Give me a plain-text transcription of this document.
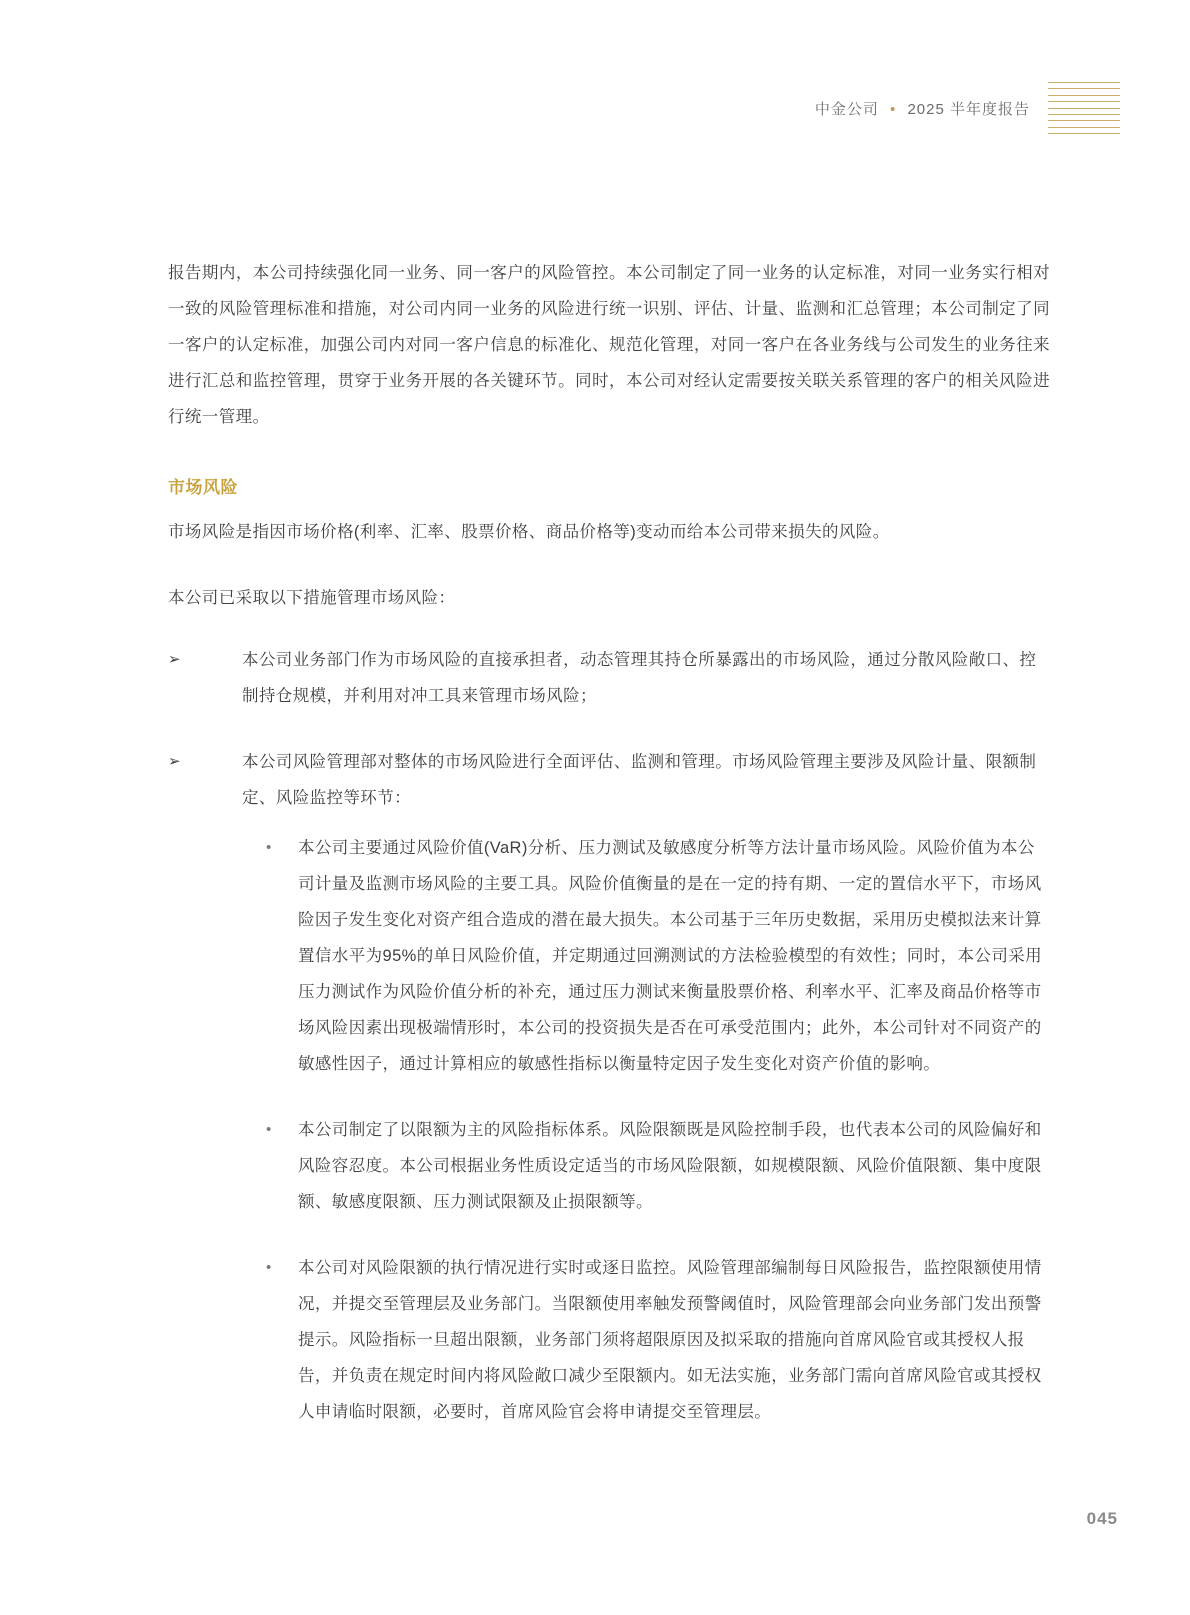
中金公司 • 2025 半年度报告

报告期内，本公司持续强化同一业务、同一客户的风险管控。本公司制定了同一业务的认定标准，对同一业务实行相对一致的风险管理标准和措施，对公司内同一业务的风险进行统一识别、评估、计量、监测和汇总管理；本公司制定了同一客户的认定标准，加强公司内对同一客户信息的标准化、规范化管理，对同一客户在各业务线与公司发生的业务往来进行汇总和监控管理，贯穿于业务开展的各关键环节。同时，本公司对经认定需要按关联关系管理的客户的相关风险进行统一管理。

市场风险

市场风险是指因市场价格(利率、汇率、股票价格、商品价格等)变动而给本公司带来损失的风险。

本公司已采取以下措施管理市场风险：

➢	本公司业务部门作为市场风险的直接承担者，动态管理其持仓所暴露出的市场风险，通过分散风险敞口、控制持仓规模，并利用对冲工具来管理市场风险；
➢	本公司风险管理部对整体的市场风险进行全面评估、监测和管理。市场风险管理主要涉及风险计量、限额制定、风险监控等环节：
• 本公司主要通过风险价值(VaR)分析、压力测试及敏感度分析等方法计量市场风险。风险价值为本公司计量及监测市场风险的主要工具。风险价值衡量的是在一定的持有期、一定的置信水平下，市场风险因子发生变化对资产组合造成的潜在最大损失。本公司基于三年历史数据，采用历史模拟法来计算置信水平为95%的单日风险价值，并定期通过回溯测试的方法检验模型的有效性；同时，本公司采用压力测试作为风险价值分析的补充，通过压力测试来衡量股票价格、利率水平、汇率及商品价格等市场风险因素出现极端情形时，本公司的投资损失是否在可承受范围内；此外，本公司针对不同资产的敏感性因子，通过计算相应的敏感性指标以衡量特定因子发生变化对资产价值的影响。
• 本公司制定了以限额为主的风险指标体系。风险限额既是风险控制手段，也代表本公司的风险偏好和风险容忍度。本公司根据业务性质设定适当的市场风险限额，如规模限额、风险价值限额、集中度限额、敏感度限额、压力测试限额及止损限额等。
• 本公司对风险限额的执行情况进行实时或逐日监控。风险管理部编制每日风险报告，监控限额使用情况，并提交至管理层及业务部门。当限额使用率触发预警阈值时，风险管理部会向业务部门发出预警提示。风险指标一旦超出限额，业务部门须将超限原因及拟采取的措施向首席风险官或其授权人报告，并负责在规定时间内将风险敞口减少至限额内。如无法实施，业务部门需向首席风险官或其授权人申请临时限额，必要时，首席风险官会将申请提交至管理层。
045
